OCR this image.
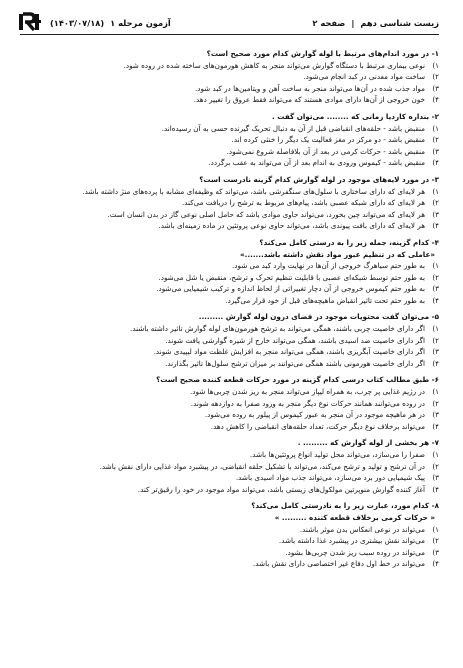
زیست شناسی دهم
|
صفحه ۲
آزمون مرحله ۱
(۱۴۰۳/۰۷/۱۸)
۱- در مورد اندام‌های مرتبط با لوله گوارش کدام مورد صحیح است؟
۱)
نوعی بیماری مرتبط با دستگاه گوارش می‌تواند منجر به کاهش هورمون‌های ساخته شده در روده شود.
۲)
ساخت مواد معدنی در کبد انجام می‌شود.
۳)
مواد جذب شده در آن‌ها می‌تواند منجر به ساخت آهن و ویتامین‌ها در کبد شود.
۴)
خون خروجی از آن‌ها دارای موادی هستند که می‌تواند فقط عروق را تغییر دهد.
۲- بنداره کاردیا زمانی که ........ می‌توان گفت .
۱)
منقبض باشد - حلقه‌های انقباضی قبل از آن به دنبال تحریک گیرنده حسی به آن رسیده‌اند.
۲)
منقبض باشد - دو مرکز در مغز فعالیت یک دیگر را خنثی کرده اند.
۳)
منقبض باشد - حرکات کرمی در بعد از آن بلافاصله شروع نمی‌شود.
۴)
منقبض باشد - کیموس ورودی به اندام بعد از آن می‌تواند به عقب برگردد.
۳- در مورد لایه‌های موجود در لوله گوارش کدام گزینه نادرست است؟
۱)
هر لایه‌ای که دارای ساختاری با سلول‌های سنگفرشی باشد، می‌تواند که وظیفه‌ای مشابه با پرده‌های منژ داشته باشد.
۲)
هر لایه‌ای که دارای شبکه عصبی باشد، پیام‌های مربوط به ترشح را دریافت می‌کند.
۳)
هر لایه‌ای که می‌تواند چین بخورد، می‌تواند حاوی موادی باشد که حامل اصلی نوعی گاز در بدن انسان است.
۴)
هر لایه‌ای که دارای بافت پیوندی باشد، می‌تواند حاوی نوعی پروتئین در ماده زمینه‌ای باشد.
۴- کدام گزینه، جمله زیر را به درستی کامل می‌کند؟
«عاملی که در تنظیم عبور مواد نقش داشته باشد.......»
۱)
به طور حتم سیاهرگ خروجی از آن‌ها در نهایت وارد کبد می شود.
۲)
به طور حتم توسط شبکه‌ای عصبی با قابلیت تنظیم تحرک و ترشح، منقبض یا شل می‌شود.
۳)
به طور حتم کیموس خروجی از آن دچار تغییراتی از لحاظ اندازه و ترکیب شیمیایی می‌شود.
۴)
به طور حتم تحت تاثیر انقباض ماهیچه‌های قبل از خود قرار می‌گیرد.
۵- می‌توان گفت محتویات موجود در فضای درون لوله گوارش .........
۱)
اگر دارای خاصیت چربی باشند، همگی می‌تواند به ترشح هورمون‌های لوله گوارش تاثیر داشته باشند.
۲)
اگر دارای خاصیت ضد اسیدی باشند، همگی می‌تواند خارج از شیره گوارشی یافت شوند.
۳)
اگر دارای خاصیت آبگریزی باشند، همگی می‌تواند منجر به افزایش غلظت مواد لیپیدی شوند.
۴)
اگر دارای خاصیت هورمونی باشند همگی می‌توانند بر میزان ترشح سلول‌ها تاثیر بگذارند.
۶- طبق مطالب کتاب درسی کدام گزینه در مورد حرکات قطعه کننده صحیح است؟
۱)
در رژیم غذایی پر چرب، به همراه لیپاز می‌تواند منجر به ریز شدن چربی‌ها شود.
۲)
در روده می‌توانند همانند حرکات نوع دیگر منجر به ورود صفرا به دوازدهه شوند.
۳)
در هر ماهیچه موجود در آن منجر به عبور کیموس از پیلور به روده می‌شود.
۴)
می‌تواند برخلاف نوع دیگر حرکت، تعداد حلقه‌های انقباضی را کاهش دهد.
۷- هر بخشی از لوله گوارش که ......... .
۱)
صفرا را می‌سازد، می‌تواند محل تولید انواع پروتئین‌ها باشد.
۲)
در آن ترشح و تولید و ترشح می‌کند، می‌تواند با تشکیل حلقه انقباضی، در پیشبرد مواد غذایی دارای نقش باشد.
۳)
پیک شیمیایی دور برد می‌سازد، می‌تواند جذب مواد اسیدی باشد.
۴)
آغاز کننده گوارش منوپرتین مولکول‌های زیستی باشد، می‌تواند مواد موجود در خود را رقیق‌تر کند.
۸- کدام مورد، عبارت زیر را به نادرستی کامل می‌کند؟
« حرکات کرمی برخلاف قطعه کننده ......... »
۱)
می‌تواند در نوعی انعکاس بدن موثر باشند.
۲)
می‌تواند نقش بیشتری در پیشبرد غذا داشته باشد.
۳)
می‌تواند در روده سبب ریز شدن چربی‌ها بشود.
۴)
می‌تواند در خط اول دفاع غیر اختصاصی دارای نقش باشد.
